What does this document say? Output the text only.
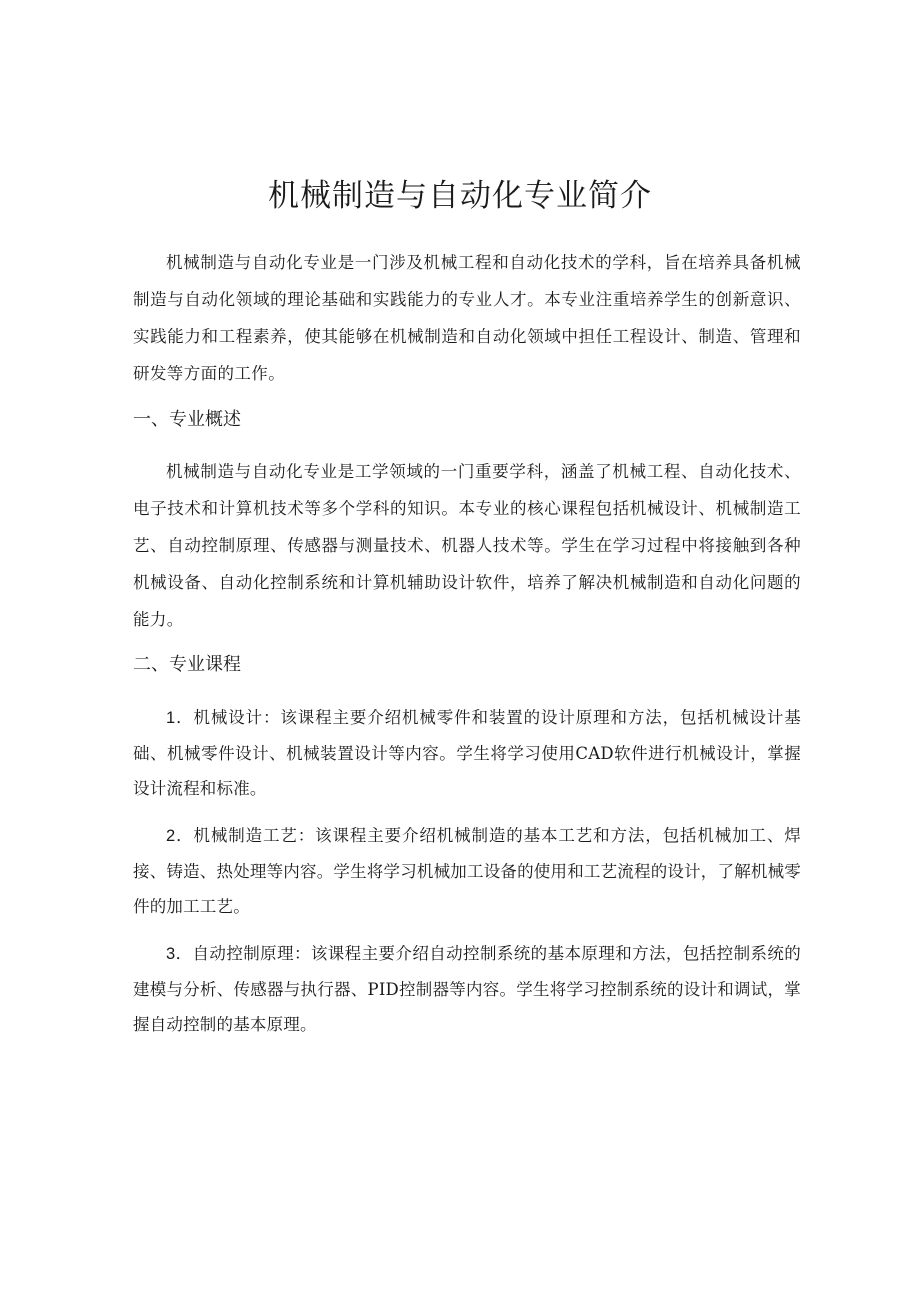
机械制造与自动化专业简介

机械制造与自动化专业是一门涉及机械工程和自动化技术的学科，旨在培养具备机械制造与自动化领域的理论基础和实践能力的专业人才。本专业注重培养学生的创新意识、实践能力和工程素养，使其能够在机械制造和自动化领域中担任工程设计、制造、管理和研发等方面的工作。

一、专业概述

机械制造与自动化专业是工学领域的一门重要学科，涵盖了机械工程、自动化技术、电子技术和计算机技术等多个学科的知识。本专业的核心课程包括机械设计、机械制造工艺、自动控制原理、传感器与测量技术、机器人技术等。学生在学习过程中将接触到各种机械设备、自动化控制系统和计算机辅助设计软件，培养了解决机械制造和自动化问题的能力。

二、专业课程

1．机械设计：该课程主要介绍机械零件和装置的设计原理和方法，包括机械设计基础、机械零件设计、机械装置设计等内容。学生将学习使用CAD软件进行机械设计，掌握设计流程和标准。

2．机械制造工艺：该课程主要介绍机械制造的基本工艺和方法，包括机械加工、焊接、铸造、热处理等内容。学生将学习机械加工设备的使用和工艺流程的设计，了解机械零件的加工工艺。

3．自动控制原理：该课程主要介绍自动控制系统的基本原理和方法，包括控制系统的建模与分析、传感器与执行器、PID控制器等内容。学生将学习控制系统的设计和调试，掌握自动控制的基本原理。
